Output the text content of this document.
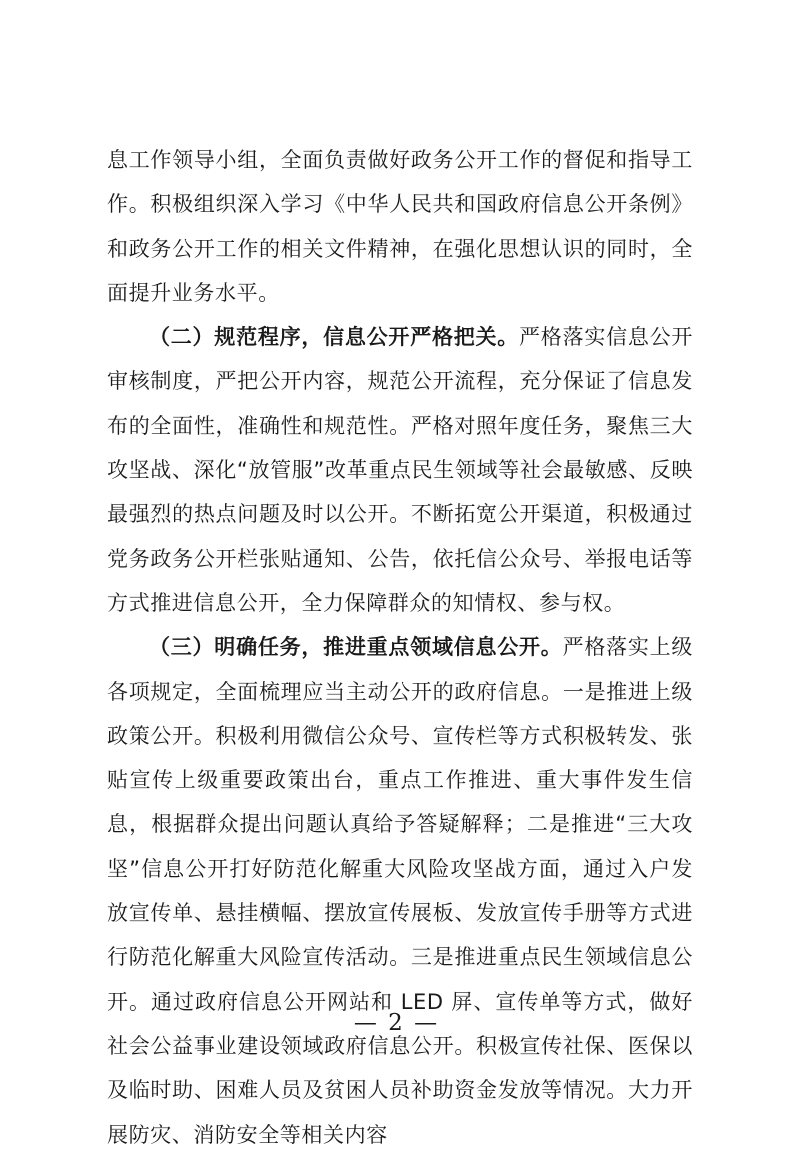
息工作领导小组，全面负责做好政务公开工作的督促和指导工作。积极组织深入学习《中华人民共和国政府信息公开条例》和政务公开工作的相关文件精神，在强化思想认识的同时，全面提升业务水平。

（二）规范程序，信息公开严格把关。严格落实信息公开审核制度，严把公开内容，规范公开流程，充分保证了信息发布的全面性，准确性和规范性。严格对照年度任务，聚焦三大攻坚战、深化“放管服”改革重点民生领域等社会最敏感、反映最强烈的热点问题及时以公开。不断拓宽公开渠道，积极通过党务政务公开栏张贴通知、公告，依托信公众号、举报电话等方式推进信息公开，全力保障群众的知情权、参与权。

（三）明确任务，推进重点领域信息公开。严格落实上级各项规定，全面梳理应当主动公开的政府信息。一是推进上级政策公开。积极利用微信公众号、宣传栏等方式积极转发、张贴宣传上级重要政策出台，重点工作推进、重大事件发生信息，根据群众提出问题认真给予答疑解释；二是推进“三大攻坚”信息公开打好防范化解重大风险攻坚战方面，通过入户发放宣传单、悬挂横幅、摆放宣传展板、发放宣传手册等方式进行防范化解重大风险宣传活动。三是推进重点民生领域信息公开。通过政府信息公开网站和 LED 屏、宣传单等方式，做好社会公益事业建设领域政府信息公开。积极宣传社保、医保以及临时助、困难人员及贫困人员补助资金发放等情况。大力开展防灾、消防安全等相关内容

— 2 —
